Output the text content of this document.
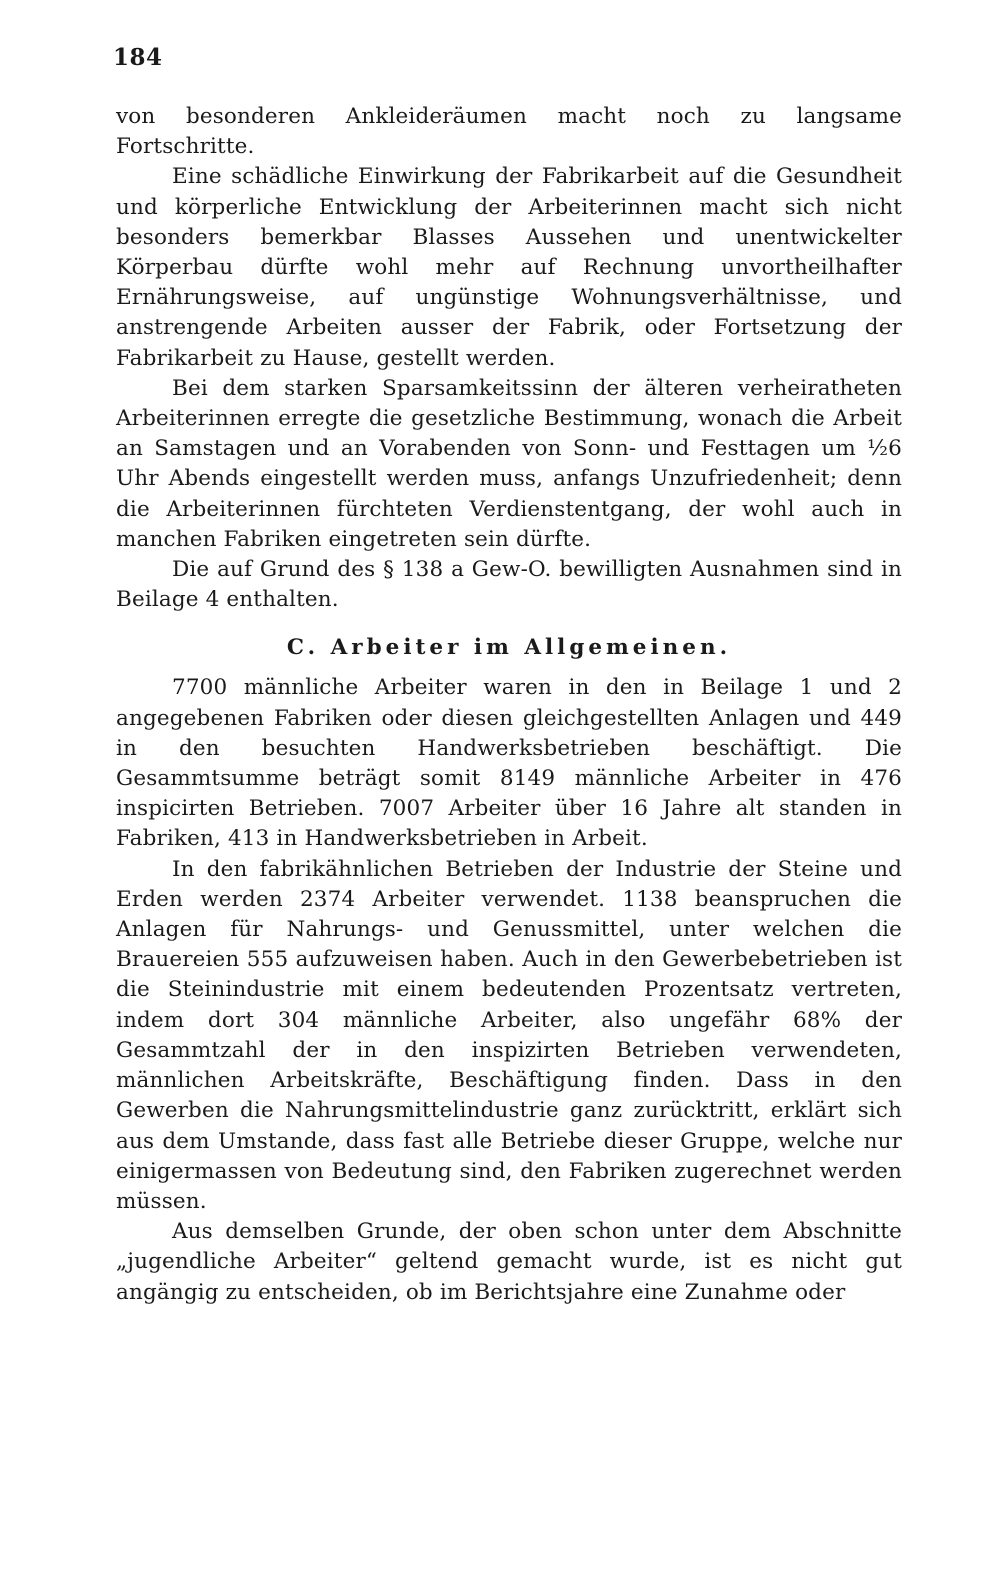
184

von besonderen Ankleideräumen macht noch zu langsame Fortschritte.

Eine schädliche Einwirkung der Fabrikarbeit auf die Gesundheit und körperliche Entwicklung der Arbeiterinnen macht sich nicht besonders bemerkbar Blasses Aussehen und unentwickelter Körperbau dürfte wohl mehr auf Rechnung unvortheilhafter Ernährungsweise, auf ungünstige Wohnungsverhältnisse, und anstrengende Arbeiten ausser der Fabrik, oder Fortsetzung der Fabrikarbeit zu Hause, gestellt werden.

Bei dem starken Sparsamkeitssinn der älteren verheiratheten Arbeiterinnen erregte die gesetzliche Bestimmung, wonach die Arbeit an Samstagen und an Vorabenden von Sonn- und Festtagen um ½6 Uhr Abends eingestellt werden muss, anfangs Unzufriedenheit; denn die Arbeiterinnen fürchteten Verdienstentgang, der wohl auch in manchen Fabriken eingetreten sein dürfte.

Die auf Grund des § 138 a Gew-O. bewilligten Ausnahmen sind in Beilage 4 enthalten.

C. Arbeiter im Allgemeinen.

7700 männliche Arbeiter waren in den in Beilage 1 und 2 angegebenen Fabriken oder diesen gleichgestellten Anlagen und 449 in den besuchten Handwerksbetrieben beschäftigt. Die Gesammtsumme beträgt somit 8149 männliche Arbeiter in 476 inspicirten Betrieben. 7007 Arbeiter über 16 Jahre alt standen in Fabriken, 413 in Handwerksbetrieben in Arbeit.

In den fabrikähnlichen Betrieben der Industrie der Steine und Erden werden 2374 Arbeiter verwendet. 1138 beanspruchen die Anlagen für Nahrungs- und Genussmittel, unter welchen die Brauereien 555 aufzuweisen haben. Auch in den Gewerbebetrieben ist die Steinindustrie mit einem bedeutenden Prozentsatz vertreten, indem dort 304 männliche Arbeiter, also ungefähr 68% der Gesammtzahl der in den inspizirten Betrieben verwendeten, männlichen Arbeitskräfte, Beschäftigung finden. Dass in den Gewerben die Nahrungsmittelindustrie ganz zurücktritt, erklärt sich aus dem Umstande, dass fast alle Betriebe dieser Gruppe, welche nur einigermassen von Bedeutung sind, den Fabriken zugerechnet werden müssen.

Aus demselben Grunde, der oben schon unter dem Abschnitte „jugendliche Arbeiter“ geltend gemacht wurde, ist es nicht gut angängig zu entscheiden, ob im Berichtsjahre eine Zunahme oder
